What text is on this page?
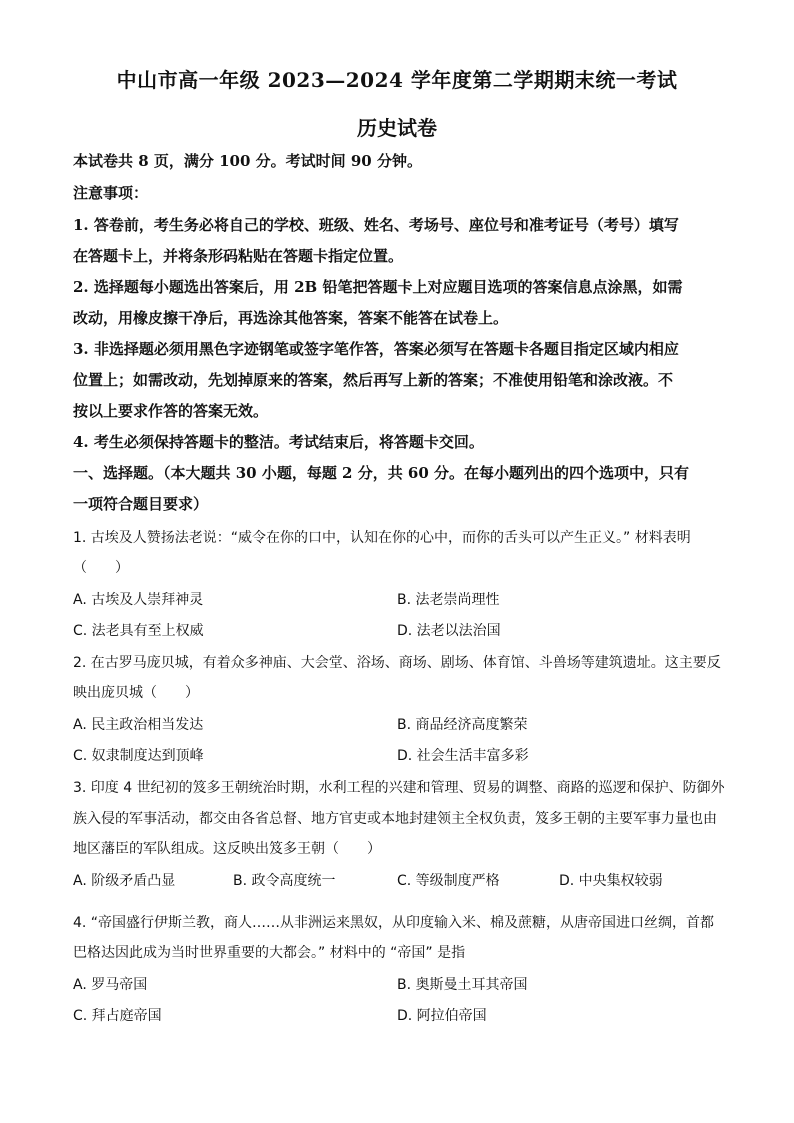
中山市高一年级 2023—2024 学年度第二学期期末统一考试
历史试卷
本试卷共 8 页，满分 100 分。考试时间 90 分钟。
注意事项：
1. 答卷前，考生务必将自己的学校、班级、姓名、考场号、座位号和准考证号（考号）填写
在答题卡上，并将条形码粘贴在答题卡指定位置。
2. 选择题每小题选出答案后，用 2B 铅笔把答题卡上对应题目选项的答案信息点涂黑，如需
改动，用橡皮擦干净后，再选涂其他答案，答案不能答在试卷上。
3. 非选择题必须用黑色字迹钢笔或签字笔作答，答案必须写在答题卡各题目指定区域内相应
位置上；如需改动，先划掉原来的答案，然后再写上新的答案；不准使用铅笔和涂改液。不
按以上要求作答的答案无效。
4. 考生必须保持答题卡的整洁。考试结束后，将答题卡交回。
一、选择题。（本大题共 30 小题，每题 2 分，共 60 分。在每小题列出的四个选项中，只有
一项符合题目要求）
1. 古埃及人赞扬法老说：“威令在你的口中，认知在你的心中，而你的舌头可以产生正义。” 材料表明
（　　）
A. 古埃及人崇拜神灵	B. 法老崇尚理性
C. 法老具有至上权威	D. 法老以法治国
2. 在古罗马庞贝城，有着众多神庙、大会堂、浴场、商场、剧场、体育馆、斗兽场等建筑遗址。这主要反
映出庞贝城（　　）
A. 民主政治相当发达	B. 商品经济高度繁荣
C. 奴隶制度达到顶峰	D. 社会生活丰富多彩
3. 印度 4 世纪初的笈多王朝统治时期，水利工程的兴建和管理、贸易的调整、商路的巡逻和保护、防御外
族入侵的军事活动，都交由各省总督、地方官吏或本地封建领主全权负责，笈多王朝的主要军事力量也由
地区藩臣的军队组成。这反映出笈多王朝（　　）
A. 阶级矛盾凸显	B. 政令高度统一	C. 等级制度严格	D. 中央集权较弱
4. “帝国盛行伊斯兰教，商人……从非洲运来黑奴，从印度输入米、棉及蔗糖，从唐帝国进口丝绸，首都
巴格达因此成为当时世界重要的大都会。” 材料中的 “帝国” 是指
A. 罗马帝国	B. 奥斯曼土耳其帝国
C. 拜占庭帝国	D. 阿拉伯帝国
